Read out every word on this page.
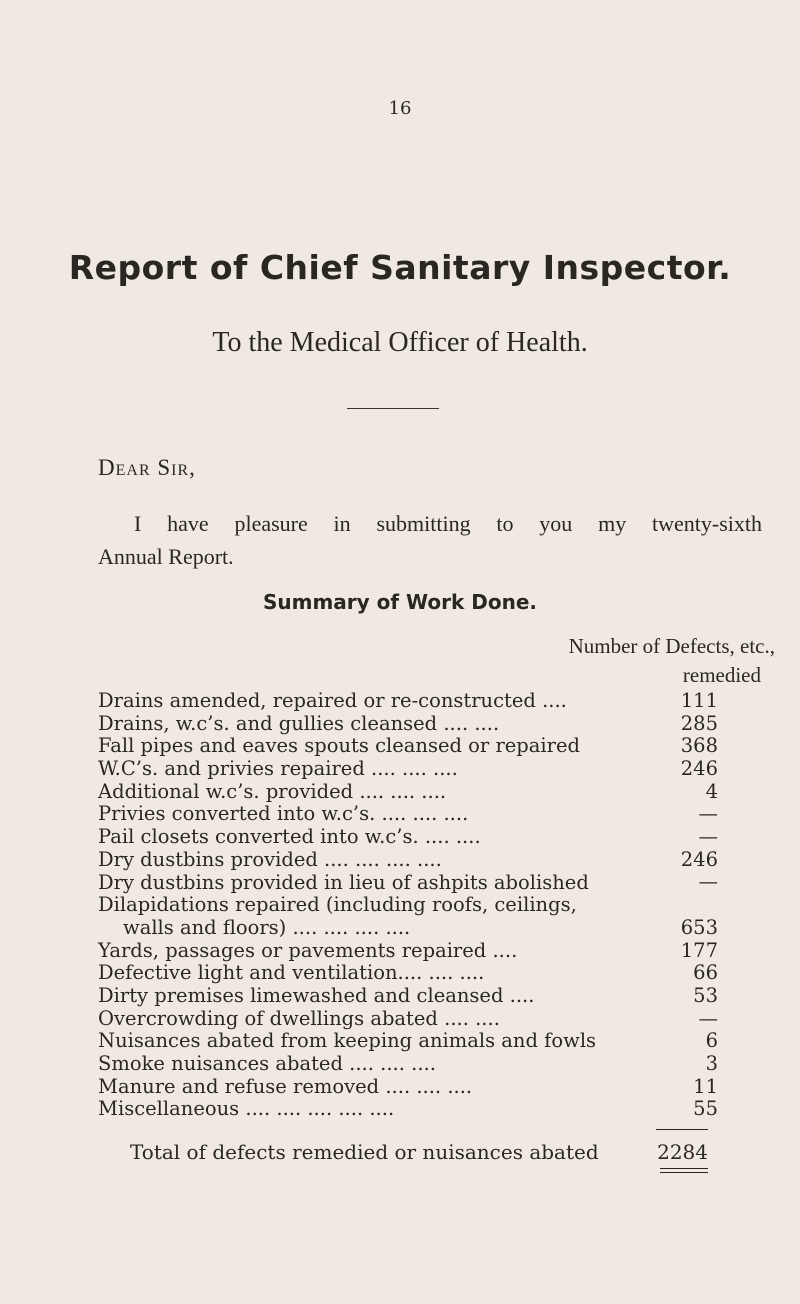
16
Report of Chief Sanitary Inspector.
To the Medical Officer of Health.
Dear Sir,
I have pleasure in submitting to you my twenty-sixth
Annual Report.
Summary of Work Done.
Number of Defects, etc.,
remedied
Drains amended, repaired or re-constructed ....	111
Drains, w.c’s. and gullies cleansed .... ....	285
Fall pipes and eaves spouts cleansed or repaired	368
W.C’s. and privies repaired .... .... ....	246
Additional w.c’s. provided .... .... ....	4
Privies converted into w.c’s. .... .... ....	—
Pail closets converted into w.c’s. .... ....	—
Dry dustbins provided .... .... .... ....	246
Dry dustbins provided in lieu of ashpits abolished	—
Dilapidations repaired (including roofs, ceilings,
walls and floors) .... .... .... ....	653
Yards, passages or pavements repaired ....	177
Defective light and ventilation.... .... ....	66
Dirty premises limewashed and cleansed ....	53
Overcrowding of dwellings abated .... ....	—
Nuisances abated from keeping animals and fowls	6
Smoke nuisances abated .... .... ....	3
Manure and refuse removed .... .... ....	11
Miscellaneous .... .... .... .... ....	55
Total of defects remedied or nuisances abated	2284
